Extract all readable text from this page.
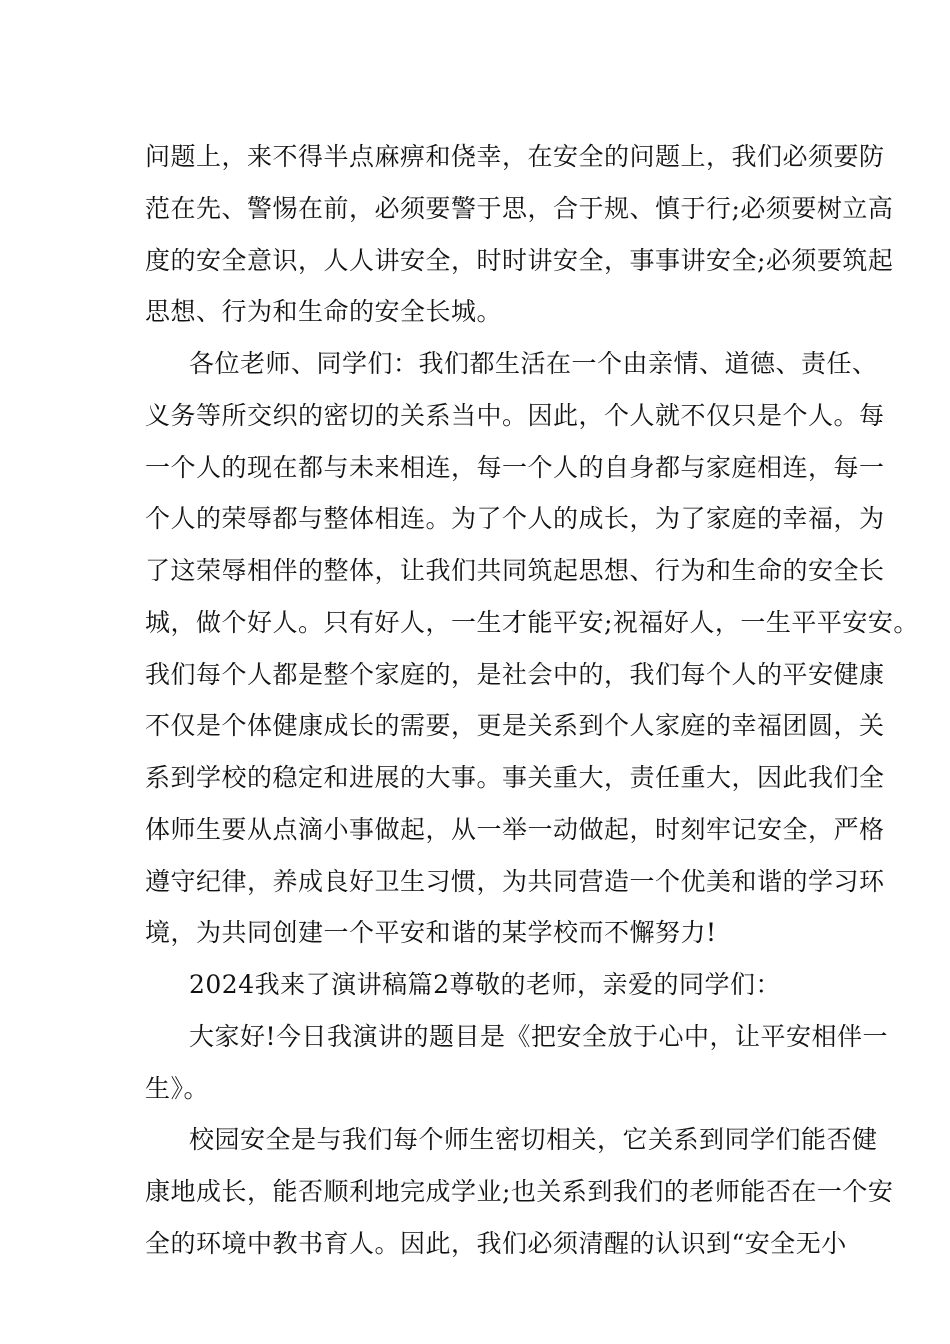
问题上，来不得半点麻痹和侥幸，在安全的问题上，我们必须要防
范在先、警惕在前，必须要警于思，合于规、慎于行;必须要树立高
度的安全意识，人人讲安全，时时讲安全，事事讲安全;必须要筑起
思想、行为和生命的安全长城。
各位老师、同学们：我们都生活在一个由亲情、道德、责任、
义务等所交织的密切的关系当中。因此，个人就不仅只是个人。每
一个人的现在都与未来相连，每一个人的自身都与家庭相连，每一
个人的荣辱都与整体相连。为了个人的成长，为了家庭的幸福，为
了这荣辱相伴的整体，让我们共同筑起思想、行为和生命的安全长
城，做个好人。只有好人，一生才能平安;祝福好人，一生平平安安。
我们每个人都是整个家庭的，是社会中的，我们每个人的平安健康
不仅是个体健康成长的需要，更是关系到个人家庭的幸福团圆，关
系到学校的稳定和进展的大事。事关重大，责任重大，因此我们全
体师生要从点滴小事做起，从一举一动做起，时刻牢记安全，严格
遵守纪律，养成良好卫生习惯，为共同营造一个优美和谐的学习环
境，为共同创建一个平安和谐的某学校而不懈努力!
2024我来了演讲稿篇2尊敬的老师，亲爱的同学们：
大家好!今日我演讲的题目是《把安全放于心中，让平安相伴一
生》。
校园安全是与我们每个师生密切相关，它关系到同学们能否健
康地成长，能否顺利地完成学业;也关系到我们的老师能否在一个安
全的环境中教书育人。因此，我们必须清醒的认识到“安全无小
